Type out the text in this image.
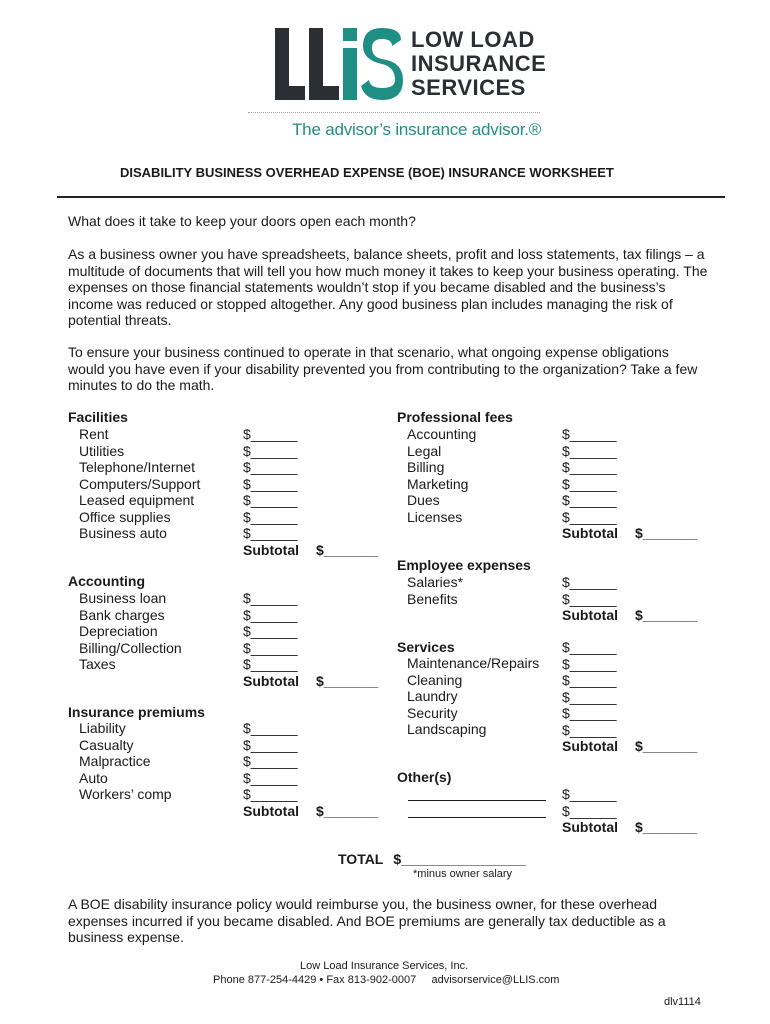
LOW LOAD
INSURANCE
SERVICES
The advisor’s insurance advisor.®
DISABILITY BUSINESS OVERHEAD EXPENSE (BOE) INSURANCE WORKSHEET
What does it take to keep your doors open each month?
As a business owner you have spreadsheets, balance sheets, profit and loss statements, tax filings – a
multitude of documents that will tell you how much money it takes to keep your business operating. The
expenses on those financial statements wouldn’t stop if you became disabled and the business’s
income was reduced or stopped altogether. Any good business plan includes managing the risk of
potential threats.
To ensure your business continued to operate in that scenario, what ongoing expense obligations
would you have even if your disability prevented you from contributing to the organization? Take a few
minutes to do the math.
Facilities
Rent
Utilities
Telephone/Internet
Computers/Support
Leased equipment
Office supplies
Business auto
$______
$______
$______
$______
$______
$______
$______
Subtotal $_______
Accounting
Business loan
Bank charges
Depreciation
Billing/Collection
Taxes
$______
$______
$______
$______
$______
Subtotal $_______
Insurance premiums
Liability
Casualty
Malpractice
Auto
Workers’ comp
$______
$______
$______
$______
$______
Subtotal $_______
Professional fees
Accounting
Legal
Billing
Marketing
Dues
Licenses
$______
$______
$______
$______
$______
$______
Subtotal $_______
Employee expenses
Salaries*
Benefits
$______
$______
Subtotal $_______
Services
Maintenance/Repairs
Cleaning
Laundry
Security
Landscaping
$______
$______
$______
$______
$______
$______
Subtotal $_______
Other(s)
$______
$______
Subtotal $_______
TOTAL $________________
*minus owner salary
A BOE disability insurance policy would reimburse you, the business owner, for these overhead
expenses incurred if you became disabled. And BOE premiums are generally tax deductible as a
business expense.
Low Load Insurance Services, Inc.
Phone 877-254-4429 • Fax 813-902-0007     advisorservice@LLIS.com
dlv1114
